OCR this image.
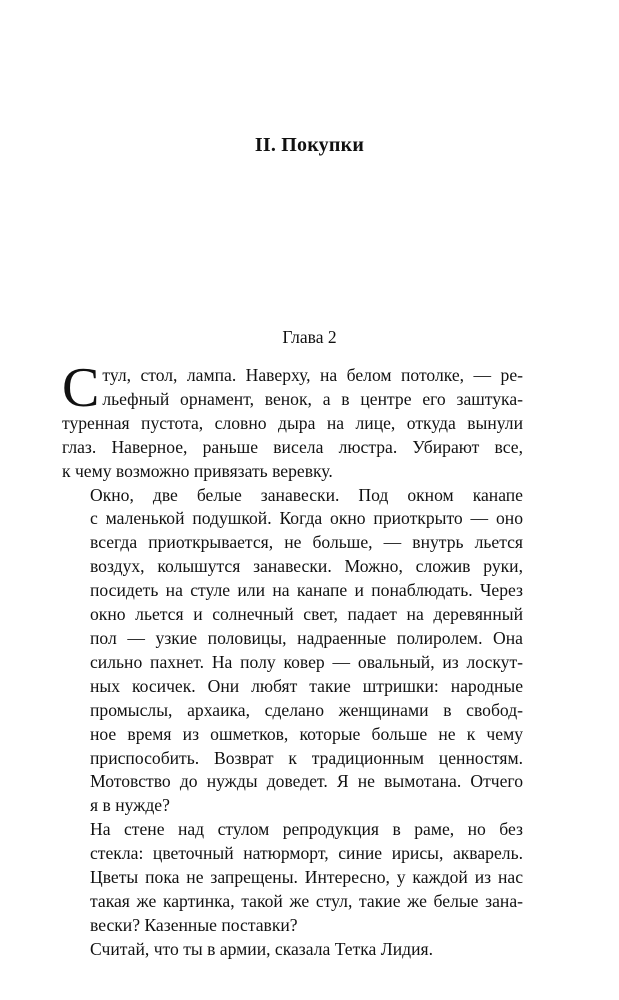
II. Покупки
Глава 2

С тул, стол, лампа. Наверху, на белом потолке, — ре-
льефный орнамент, венок, а в центре его заштука-
туренная пустота, словно дыра на лице, откуда вынули
глаз. Наверное, раньше висела люстра. Убирают все,
к чему возможно привязать веревку.

Окно, две белые занавески. Под окном канапе
с маленькой подушкой. Когда окно приоткрыто — оно
всегда приоткрывается, не больше, — внутрь льется
воздух, колышутся занавески. Можно, сложив руки,
посидеть на стуле или на канапе и понаблюдать. Через
окно льется и солнечный свет, падает на деревянный
пол — узкие половицы, надраенные полиролем. Она
сильно пахнет. На полу ковер — овальный, из лоскут-
ных косичек. Они любят такие штришки: народные
промыслы, архаика, сделано женщинами в свобод-
ное время из ошметков, которые больше не к чему
приспособить. Возврат к традиционным ценностям.
Мотовство до нужды доведет. Я не вымотана. Отчего
я в нужде?

На стене над стулом репродукция в раме, но без
стекла: цветочный натюрморт, синие ирисы, акварель.
Цветы пока не запрещены. Интересно, у каждой из нас
такая же картинка, такой же стул, такие же белые зана-
вески? Казенные поставки?

Считай, что ты в армии, сказала Тетка Лидия.
